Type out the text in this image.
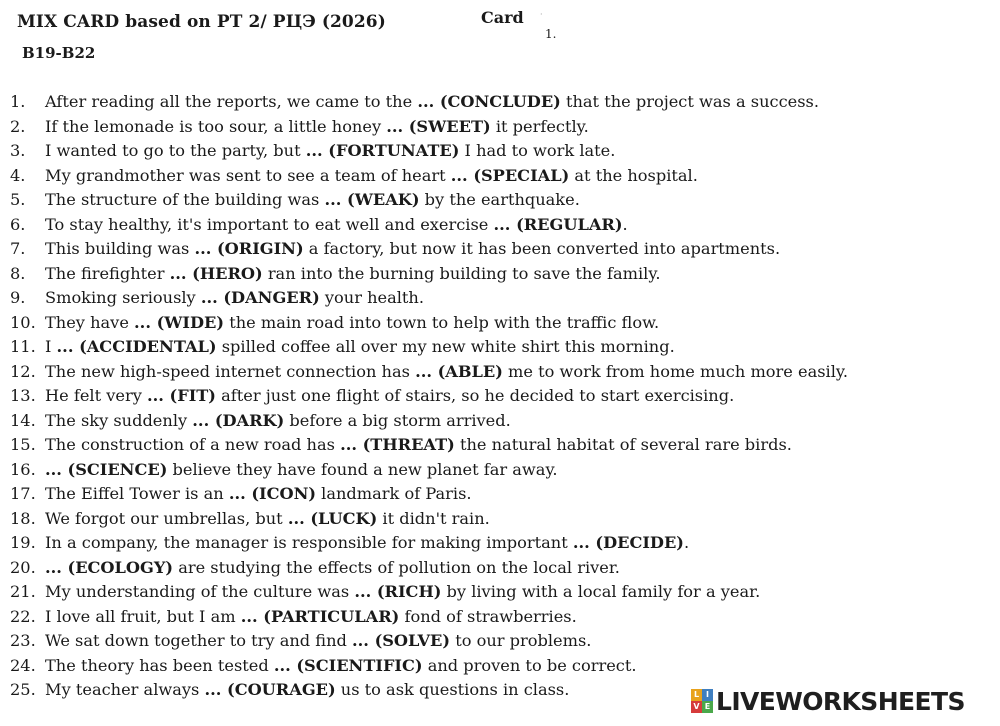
MIX CARD based on РТ 2/ РЦЭ (2026)
B19-B22
Card ·
1.
1. After reading all the reports, we came to the ... (CONCLUDE) that the project was a success.
2. If the lemonade is too sour, a little honey ... (SWEET) it perfectly.
3. I wanted to go to the party, but ... (FORTUNATE) I had to work late.
4. My grandmother was sent to see a team of heart ... (SPECIAL) at the hospital.
5. The structure of the building was ... (WEAK) by the earthquake.
6. To stay healthy, it's important to eat well and exercise ... (REGULAR).
7. This building was ... (ORIGIN) a factory, but now it has been converted into apartments.
8. The firefighter ... (HERO) ran into the burning building to save the family.
9. Smoking seriously ... (DANGER) your health.
10. They have ... (WIDE) the main road into town to help with the traffic flow.
11. I ... (ACCIDENTAL) spilled coffee all over my new white shirt this morning.
12. The new high-speed internet connection has ... (ABLE) me to work from home much more easily.
13. He felt very ... (FIT) after just one flight of stairs, so he decided to start exercising.
14. The sky suddenly ... (DARK) before a big storm arrived.
15. The construction of a new road has ... (THREAT) the natural habitat of several rare birds.
16. ... (SCIENCE) believe they have found a new planet far away.
17. The Eiffel Tower is an ... (ICON) landmark of Paris.
18. We forgot our umbrellas, but ... (LUCK) it didn't rain.
19. In a company, the manager is responsible for making important ... (DECIDE).
20. ... (ECOLOGY) are studying the effects of pollution on the local river.
21. My understanding of the culture was ... (RICH) by living with a local family for a year.
22. I love all fruit, but I am ... (PARTICULAR) fond of strawberries.
23. We sat down together to try and find ... (SOLVE) to our problems.
24. The theory has been tested ... (SCIENTIFIC) and proven to be correct.
25. My teacher always ... (COURAGE) us to ask questions in class.	L I
V E LIVEWORKSHEETS
